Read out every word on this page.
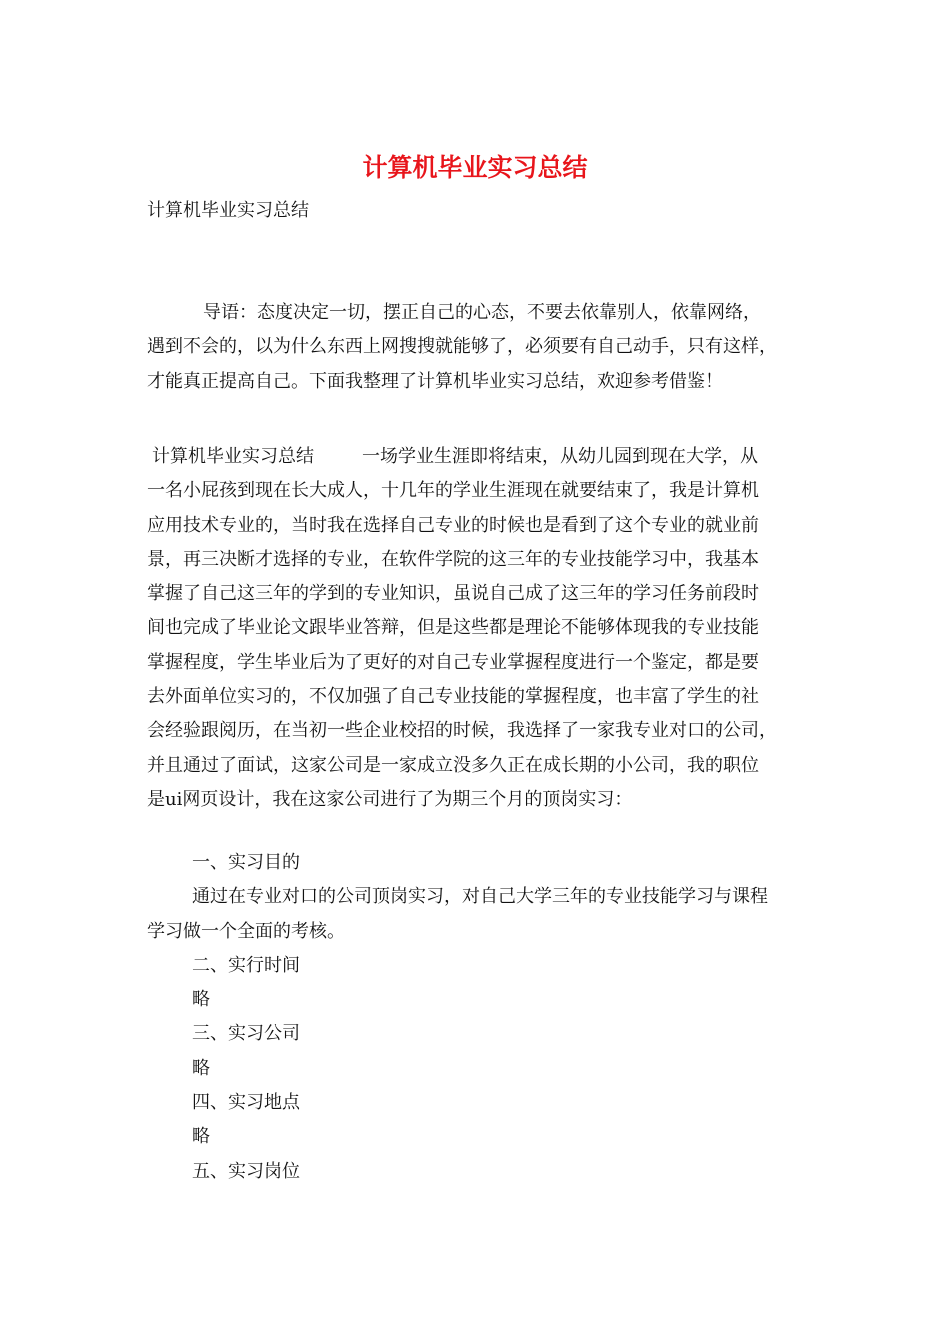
计算机毕业实习总结
计算机毕业实习总结
导语：态度决定一切，摆正自己的心态，不要去依靠别人，依靠网络，
遇到不会的，以为什么东西上网搜搜就能够了，必须要有自己动手，只有这样，
才能真正提高自己。下面我整理了计算机毕业实习总结，欢迎参考借鉴！
计算机毕业实习总结	一场学业生涯即将结束，从幼儿园到现在大学，从
一名小屁孩到现在长大成人，十几年的学业生涯现在就要结束了，我是计算机
应用技术专业的，当时我在选择自己专业的时候也是看到了这个专业的就业前
景，再三决断才选择的专业，在软件学院的这三年的专业技能学习中，我基本
掌握了自己这三年的学到的专业知识，虽说自己成了这三年的学习任务前段时
间也完成了毕业论文跟毕业答辩，但是这些都是理论不能够体现我的专业技能
掌握程度，学生毕业后为了更好的对自己专业掌握程度进行一个鉴定，都是要
去外面单位实习的，不仅加强了自己专业技能的掌握程度，也丰富了学生的社
会经验跟阅历，在当初一些企业校招的时候，我选择了一家我专业对口的公司，
并且通过了面试，这家公司是一家成立没多久正在成长期的小公司，我的职位
是ui网页设计，我在这家公司进行了为期三个月的顶岗实习：

一、实习目的

通过在专业对口的公司顶岗实习，对自己大学三年的专业技能学习与课程

学习做一个全面的考核。

二、实行时间

略

三、实习公司

略

四、实习地点

略

五、实习岗位
